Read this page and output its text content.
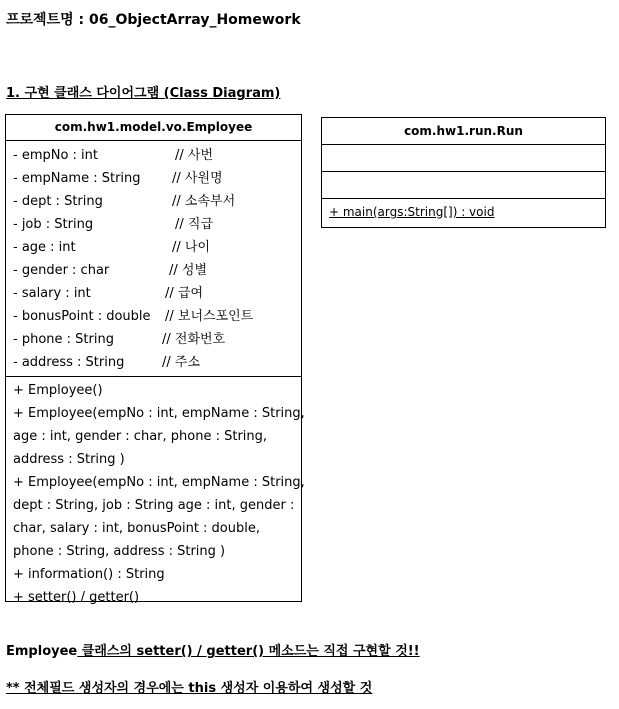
프로젝트명 : 06_ObjectArray_Homework
1. 구현 클래스 다이어그램 (Class Diagram)
com.hw1.model.vo.Employee
- empNo : int	// 사번
- empName : String // 사원명
- dept : String	// 소속부서
- job : String	// 직급
- age : int	// 나이
- gender : char	// 성별
- salary : int	// 급여
- bonusPoint : double // 보너스포인트
- phone : String	// 전화번호
- address : String	// 주소
+ Employee()
+ Employee(empNo : int, empName : String,
age : int, gender : char, phone : String,
address : String )
+ Employee(empNo : int, empName : String,
dept : String, job : String age : int, gender :
char, salary : int, bonusPoint : double,
phone : String, address : String )
+ information() : String
+ setter() / getter()
com.hw1.run.Run
+ main(args:String[]) : void
Employee 클래스의 setter() / getter() 메소드는 직접 구현할 것!!
** 전체필드 생성자의 경우에는 this 생성자 이용하여 생성할 것
